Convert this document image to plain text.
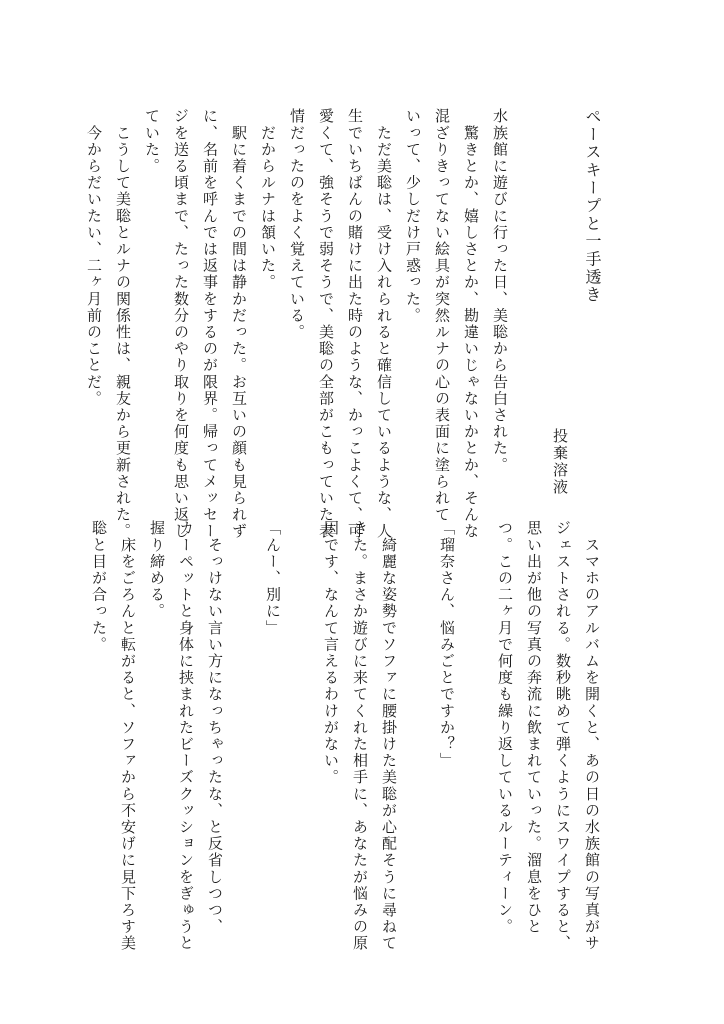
ペースキープと一手透き
投棄溶液
水族館に遊びに行った日、美聡から告白された。
　驚きとか、嬉しさとか、勘違いじゃないかとか、そんな
混ざりきってない絵具が突然ルナの心の表面に塗られて
いって、少しだけ戸惑った。
　ただ美聡は、受け入れられると確信しているような、人
生でいちばんの賭けに出た時のような、かっこよくて、可
愛くて、強そうで弱そうで、美聡の全部がこもっていた表
情だったのをよく覚えている。
　だからルナは頷いた。
　駅に着くまでの間は静かだった。お互いの顔も見られず
に、名前を呼んでは返事をするのが限界。帰ってメッセー
ジを送る頃まで、たった数分のやり取りを何度も思い返し
ていた。
　こうして美聡とルナの関係性は、親友から更新された。
　今からだいたい、二ヶ月前のことだ。
　スマホのアルバムを開くと、あの日の水族館の写真がサ
ジェストされる。数秒眺めて弾くようにスワイプすると、
思い出が他の写真の奔流に飲まれていった。溜息をひと
つ。この二ヶ月で何度も繰り返しているルーティーン。
「瑠奈さん、悩みごとですか？」
　綺麗な姿勢でソファに腰掛けた美聡が心配そうに尋ねて
きた。まさか遊びに来てくれた相手に、あなたが悩みの原
因です、なんて言えるわけがない。
「んー、別に」
　そっけない言い方になっちゃったな、と反省しつつ、
カーペットと身体に挟まれたビーズクッションをぎゅうと
握り締める。
　床をごろんと転がると、ソファから不安げに見下ろす美
聡と目が合った。
